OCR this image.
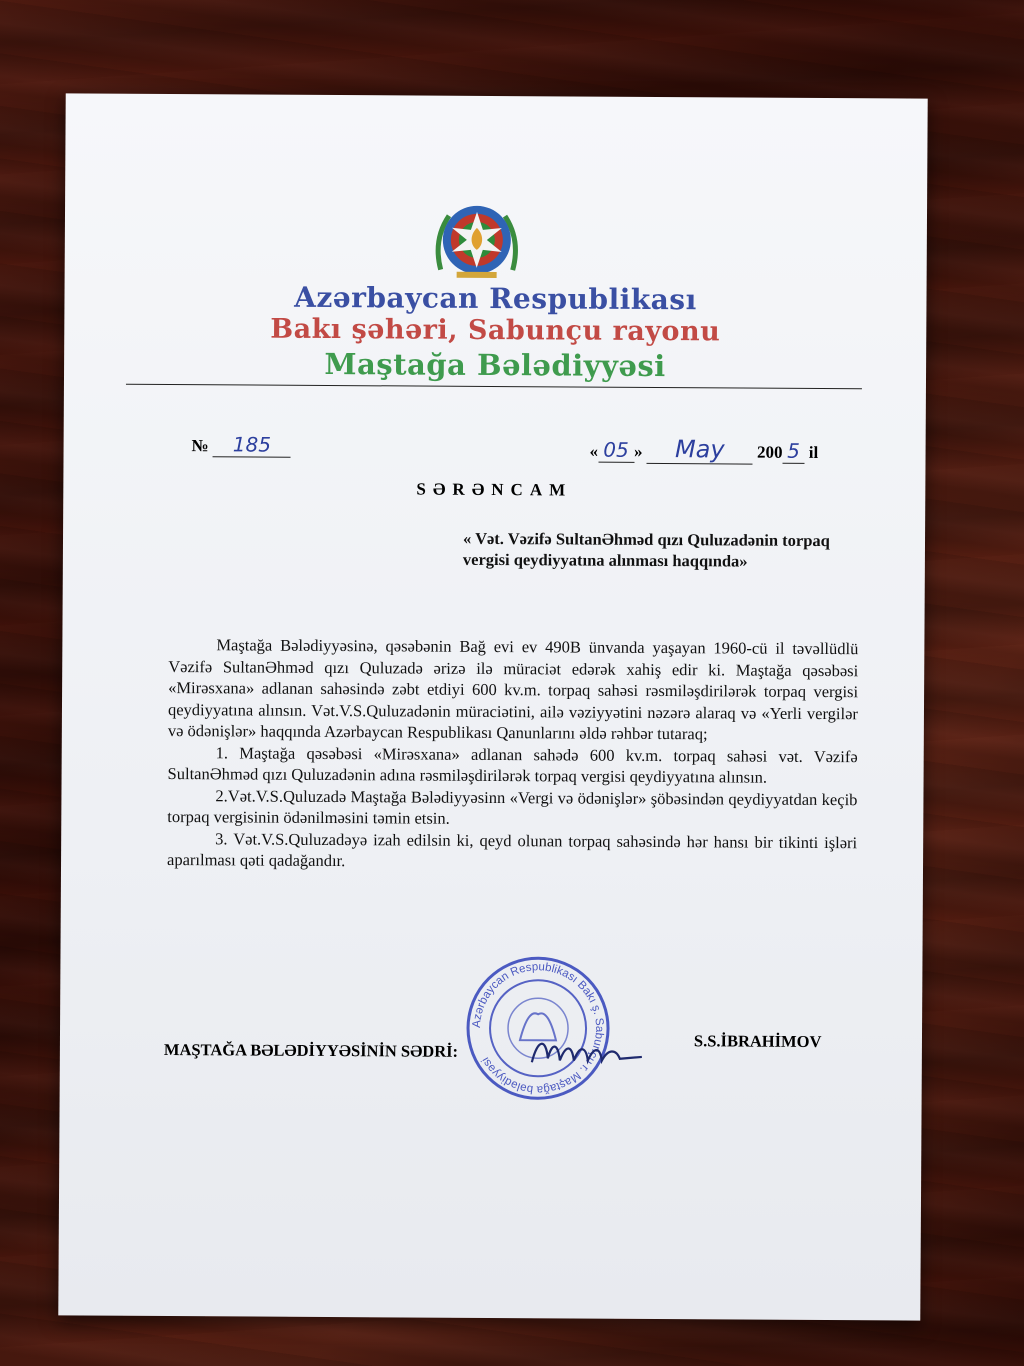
Azərbaycan Respublikası
Bakı şəhəri, Sabunçu rayonu
Maştağa Bələdiyyəsi
№ 185	« 05 » May 200 5 il
SƏRƏNCAM
« Vət. Vəzifə SultanƏhməd qızı Quluzadənin torpaq vergisi qeydiyyatına alınması haqqında»

Maştağa Bələdiyyəsinə, qəsəbənin Bağ evi ev 490B ünvanda yaşayan 1960-cü il təvəllüdlü Vəzifə SultanƏhməd qızı Quluzadə ərizə ilə müraciət edərək xahiş edir ki. Maştağa qəsəbəsi «Mirəsxana» adlanan sahəsində zəbt etdiyi 600 kv.m. torpaq sahəsi rəsmiləşdirilərək torpaq vergisi qeydiyyatına alınsın. Vət.V.S.Quluzadənin müraciətini, ailə vəziyyətini nəzərə alaraq və «Yerli vergilər və ödənişlər» haqqında Azərbaycan Respublikası Qanunlarını əldə rəhbər tutaraq;

1. Maştağa qəsəbəsi «Mirəsxana» adlanan sahədə 600 kv.m. torpaq sahəsi vət. Vəzifə SultanƏhməd qızı Quluzadənin adına rəsmiləşdirilərək torpaq vergisi qeydiyyatına alınsın.

2.Vət.V.S.Quluzadə Maştağa Bələdiyyəsinn «Vergi və ödənişlər» şöbəsindən qeydiyyatdan keçib torpaq vergisinin ödənilməsini təmin etsin.

3. Vət.V.S.Quluzadəyə izah edilsin ki, qeyd olunan torpaq sahəsində hər hansı bir tikinti işləri aparılması qəti qadağandır.

Azərbaycan Respublikası Bakı ş. Sabunçu r. Maştağa bələdiyyəsi
MAŞTAĞA BƏLƏDİYYƏSİNİN SƏDRİ:	S.S.İBRAHİMOV
